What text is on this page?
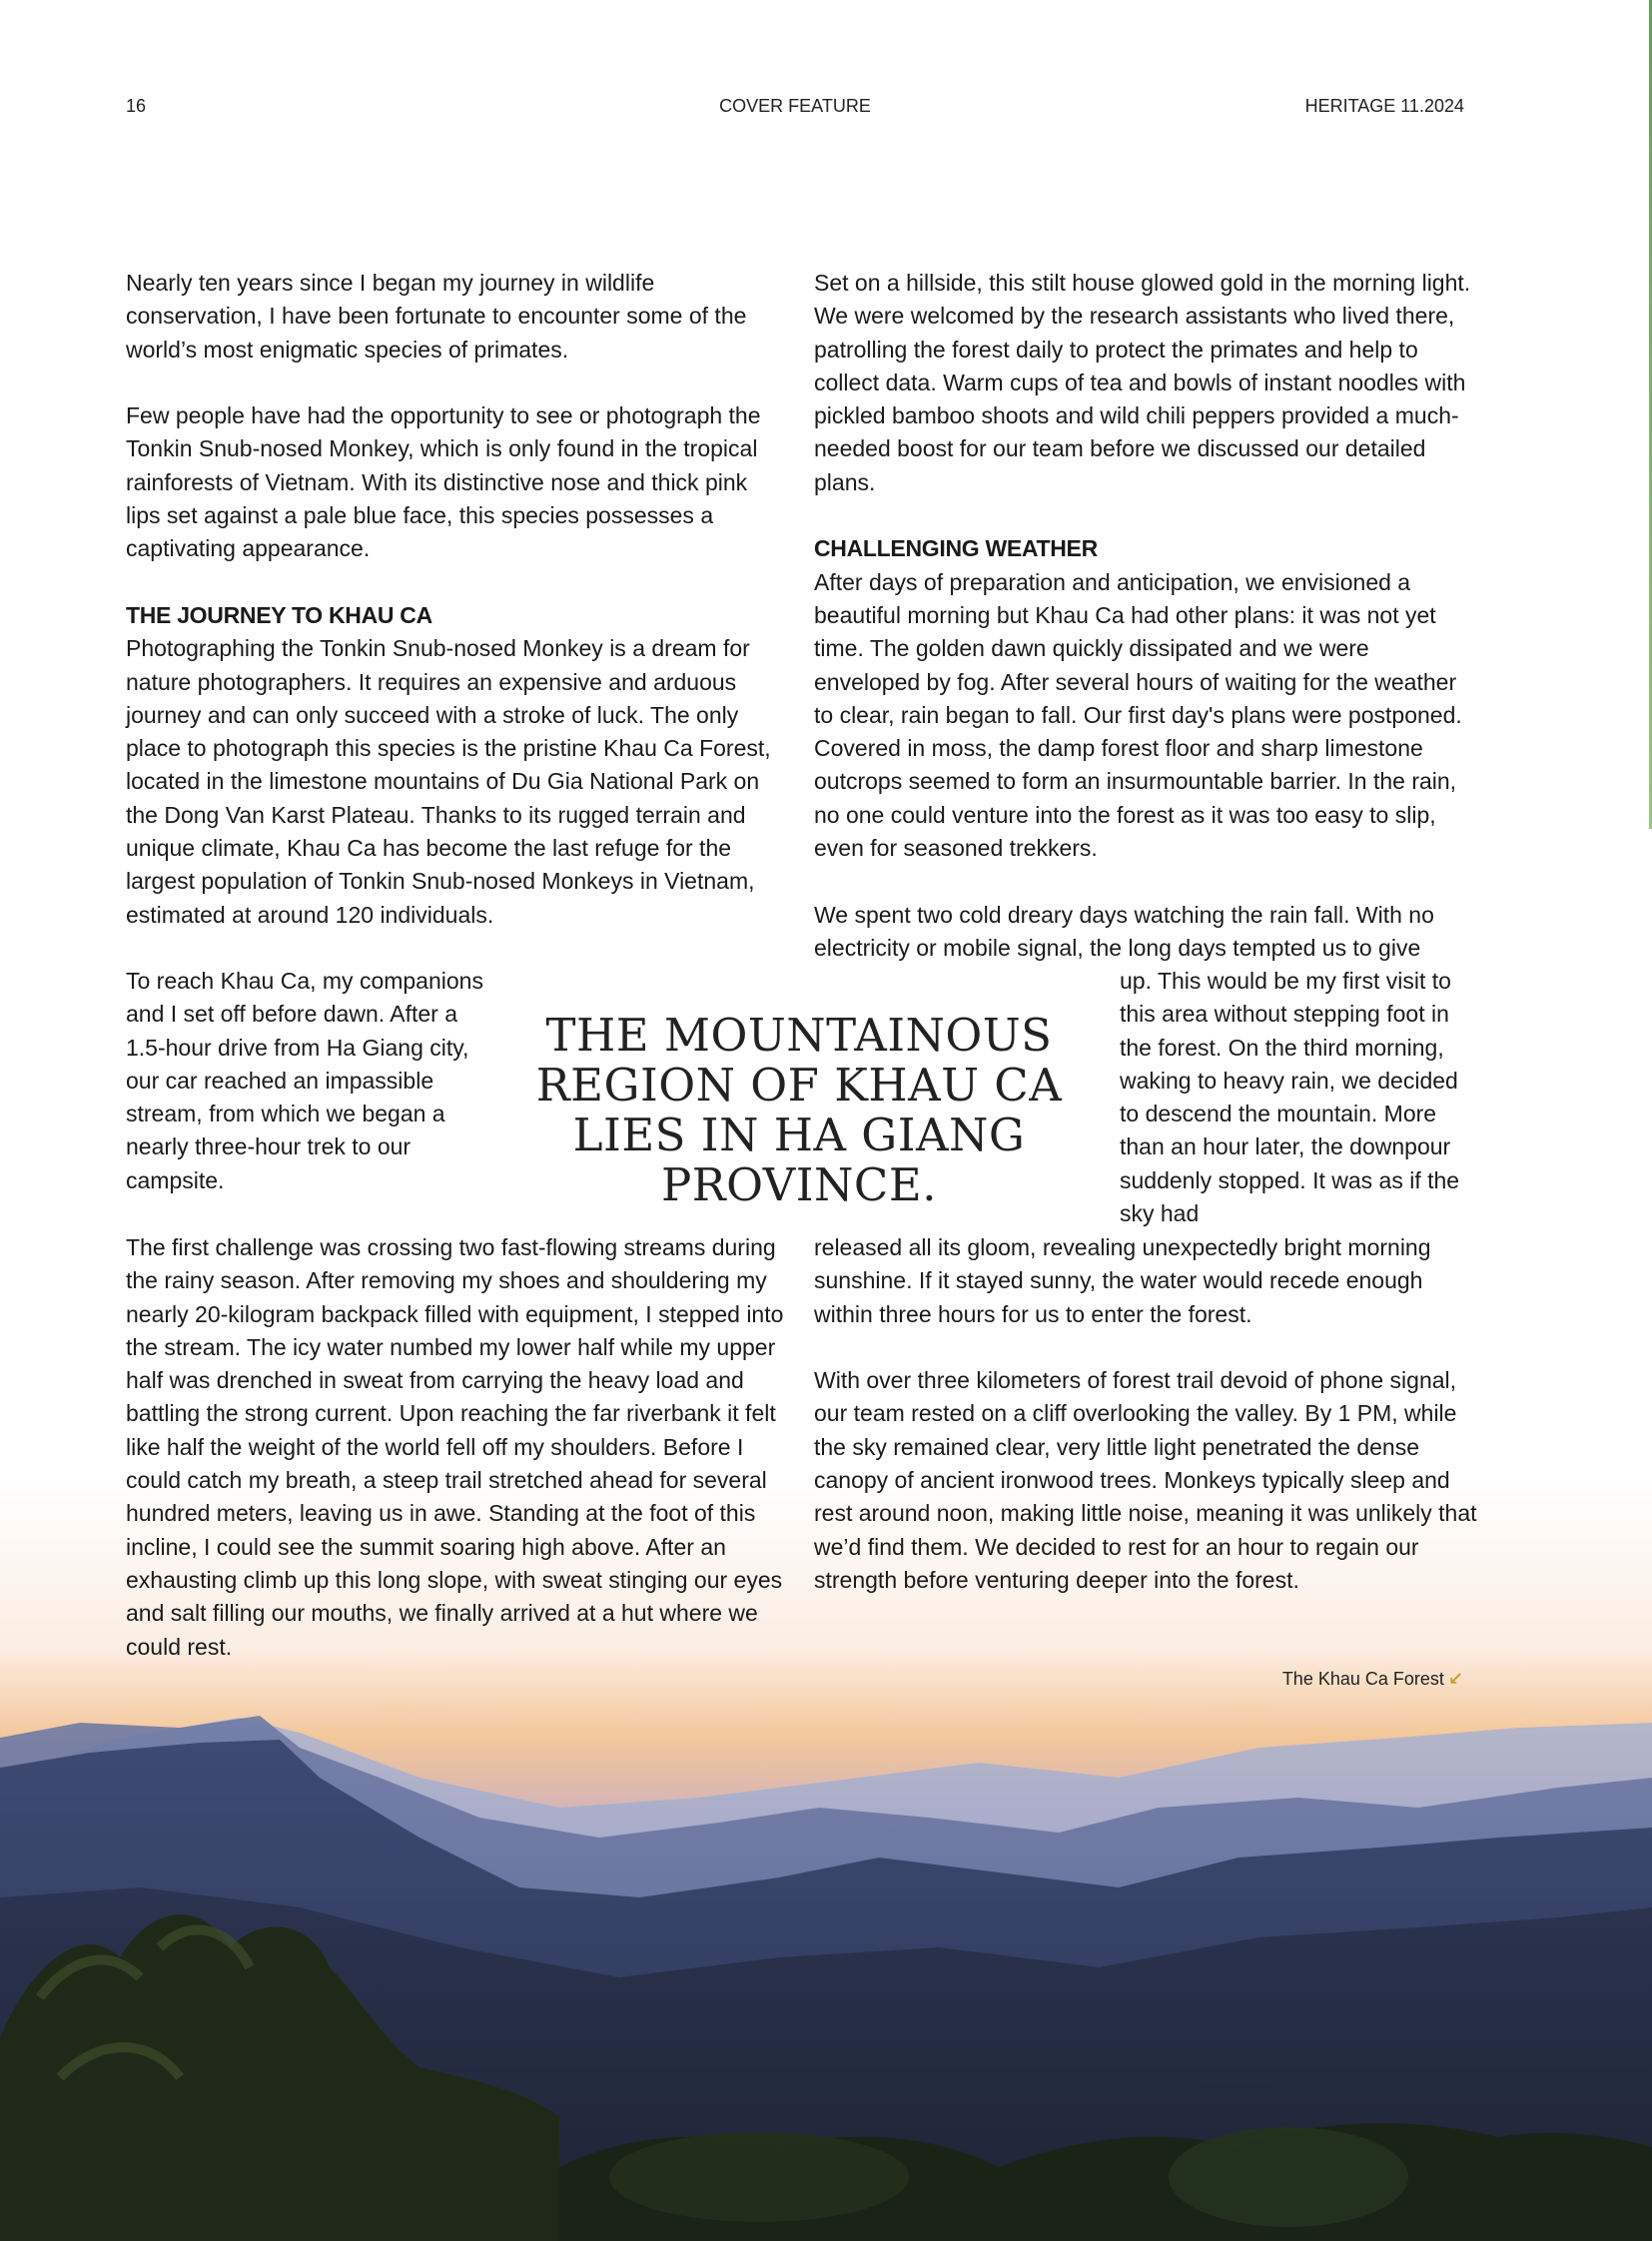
16	COVER FEATURE	HERITAGE 11.2024

Nearly ten years since I began my journey in wildlife conservation, I have been fortunate to encounter some of the world’s most enigmatic species of primates.

Few people have had the opportunity to see or photograph the Tonkin Snub-nosed Monkey, which is only found in the tropical rainforests of Vietnam. With its distinctive nose and thick pink lips set against a pale blue face, this species possesses a captivating appearance.

THE JOURNEY TO KHAU CA

Photographing the Tonkin Snub-nosed Monkey is a dream for nature photographers. It requires an expensive and arduous journey and can only succeed with a stroke of luck. The only place to photograph this species is the pristine Khau Ca Forest, located in the limestone mountains of Du Gia National Park on the Dong Van Karst Plateau. Thanks to its rugged terrain and unique climate, Khau Ca has become the last refuge for the largest population of Tonkin Snub-nosed Monkeys in Vietnam, estimated at around 120 individuals.

To reach Khau Ca, my companions and I set off before dawn. After a 1.5-hour drive from Ha Giang city, our car reached an impassible stream, from which we began a nearly three-hour trek to our campsite.
The first challenge was crossing two fast-flowing streams during the rainy season. After removing my shoes and shouldering my nearly 20-kilogram backpack filled with equipment, I stepped into the stream. The icy water numbed my lower half while my upper half was drenched in sweat from carrying the heavy load and battling the strong current. Upon reaching the far riverbank it felt like half the weight of the world fell off my shoulders. Before I could catch my breath, a steep trail stretched ahead for several hundred meters, leaving us in awe. Standing at the foot of this incline, I could see the summit soaring high above. After an exhausting climb up this long slope, with sweat stinging our eyes and salt filling our mouths, we finally arrived at a hut where we could rest.

Set on a hillside, this stilt house glowed gold in the morning light. We were welcomed by the research assistants who lived there, patrolling the forest daily to protect the primates and help to collect data. Warm cups of tea and bowls of instant noodles with pickled bamboo shoots and wild chili peppers provided a much-needed boost for our team before we discussed our detailed plans.

CHALLENGING WEATHER

After days of preparation and anticipation, we envisioned a beautiful morning but Khau Ca had other plans: it was not yet time. The golden dawn quickly dissipated and we were enveloped by fog. After several hours of waiting for the weather to clear, rain began to fall. Our first day's plans were postponed. Covered in moss, the damp forest floor and sharp limestone outcrops seemed to form an insurmountable barrier. In the rain, no one could venture into the forest as it was too easy to slip, even for seasoned trekkers.

We spent two cold dreary days watching the rain fall. With no electricity or mobile signal, the long days tempted us to give

up. This would be my first visit to this area without stepping foot in the forest. On the third morning, waking to heavy rain, we decided to descend the mountain. More than an hour later, the downpour suddenly stopped. It was as if the sky had

released all its gloom, revealing unexpectedly bright morning sunshine. If it stayed sunny, the water would recede enough within three hours for us to enter the forest.

With over three kilometers of forest trail devoid of phone signal, our team rested on a cliff overlooking the valley. By 1 PM, while the sky remained clear, very little light penetrated the dense canopy of ancient ironwood trees. Monkeys typically sleep and rest around noon, making little noise, meaning it was unlikely that we’d find them. We decided to rest for an hour to regain our strength before venturing deeper into the forest.

THE MOUNTAINOUS REGION OF KHAU CA LIES IN HA GIANG PROVINCE.
The Khau Ca Forest ↙
